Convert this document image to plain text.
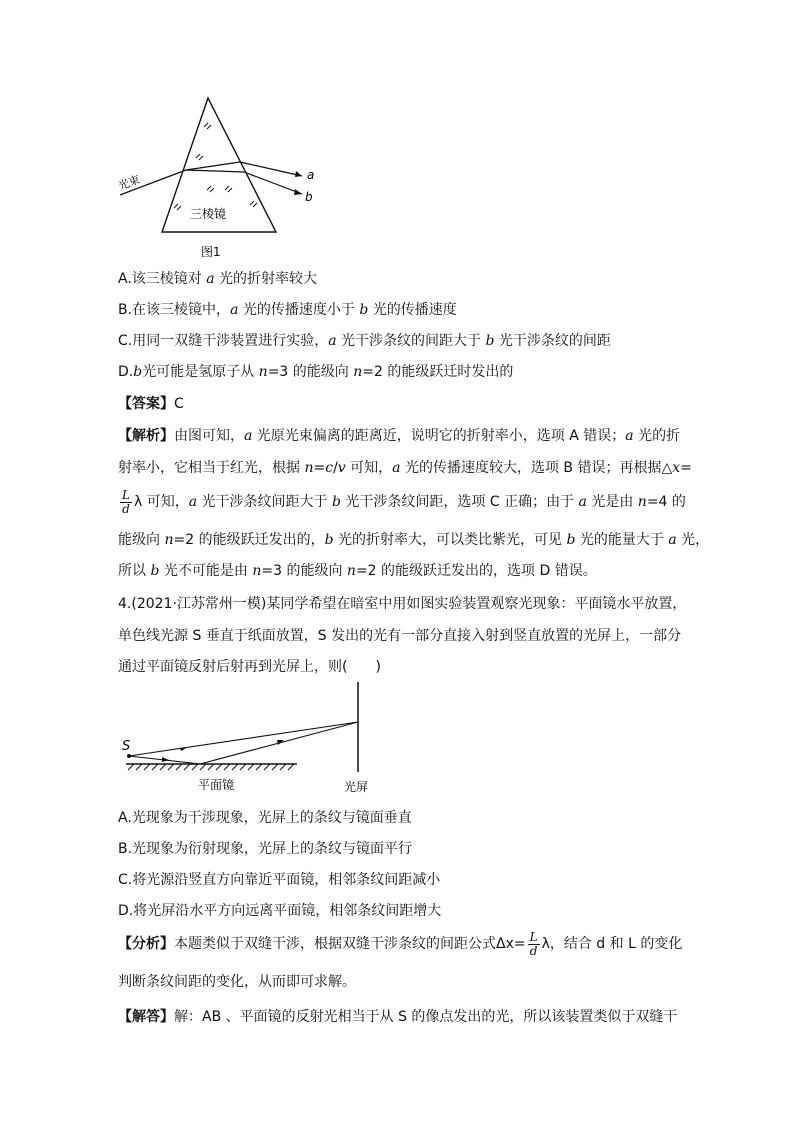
光束	a
b
三棱镜
图1
A.该三棱镜对 a 光的折射率较大
B.在该三棱镜中，a 光的传播速度小于 b 光的传播速度
C.用同一双缝干涉装置进行实验，a 光干涉条纹的间距大于 b 光干涉条纹的间距
D.b光可能是氢原子从 n=3 的能级向 n=2 的能级跃迁时发出的
【答案】C
【解析】由图可知，a 光原光束偏离的距离近，说明它的折射率小，选项 A 错误；a 光的折
射率小，它相当于红光，根据 n=c/v 可知，a 光的传播速度较大，选项 B 错误；再根据△x=
$\frac{L}{d}$ λ 可知，a 光干涉条纹间距大于 b 光干涉条纹间距，选项 C 正确；由于 a 光是由 n=4 的
能级向 n=2 的能级跃迁发出的，b 光的折射率大，可以类比紫光，可见 b 光的能量大于 a 光，
所以 b 光不可能是由 n=3 的能级向 n=2 的能级跃迁发出的，选项 D 错误。
4.(2021·江苏常州一模)某同学希望在暗室中用如图实验装置观察光现象：平面镜水平放置，
单色线光源 S 垂直于纸面放置，S 发出的光有一部分直接入射到竖直放置的光屏上，一部分
通过平面镜反射后射再到光屏上，则(　　)
S
平面镜	光屏
A.光现象为干涉现象，光屏上的条纹与镜面垂直
B.光现象为衍射现象，光屏上的条纹与镜面平行
C.将光源沿竖直方向靠近平面镜，相邻条纹间距减小
D.将光屏沿水平方向远离平面镜，相邻条纹间距增大
【分析】本题类似于双缝干涉，根据双缝干涉条纹的间距公式$\Delta x= \frac{L}{d}$ λ，结合 d 和 L 的变化
判断条纹间距的变化，从而即可求解。
【解答】解：AB 、平面镜的反射光相当于从 S 的像点发出的光，所以该装置类似于双缝干
